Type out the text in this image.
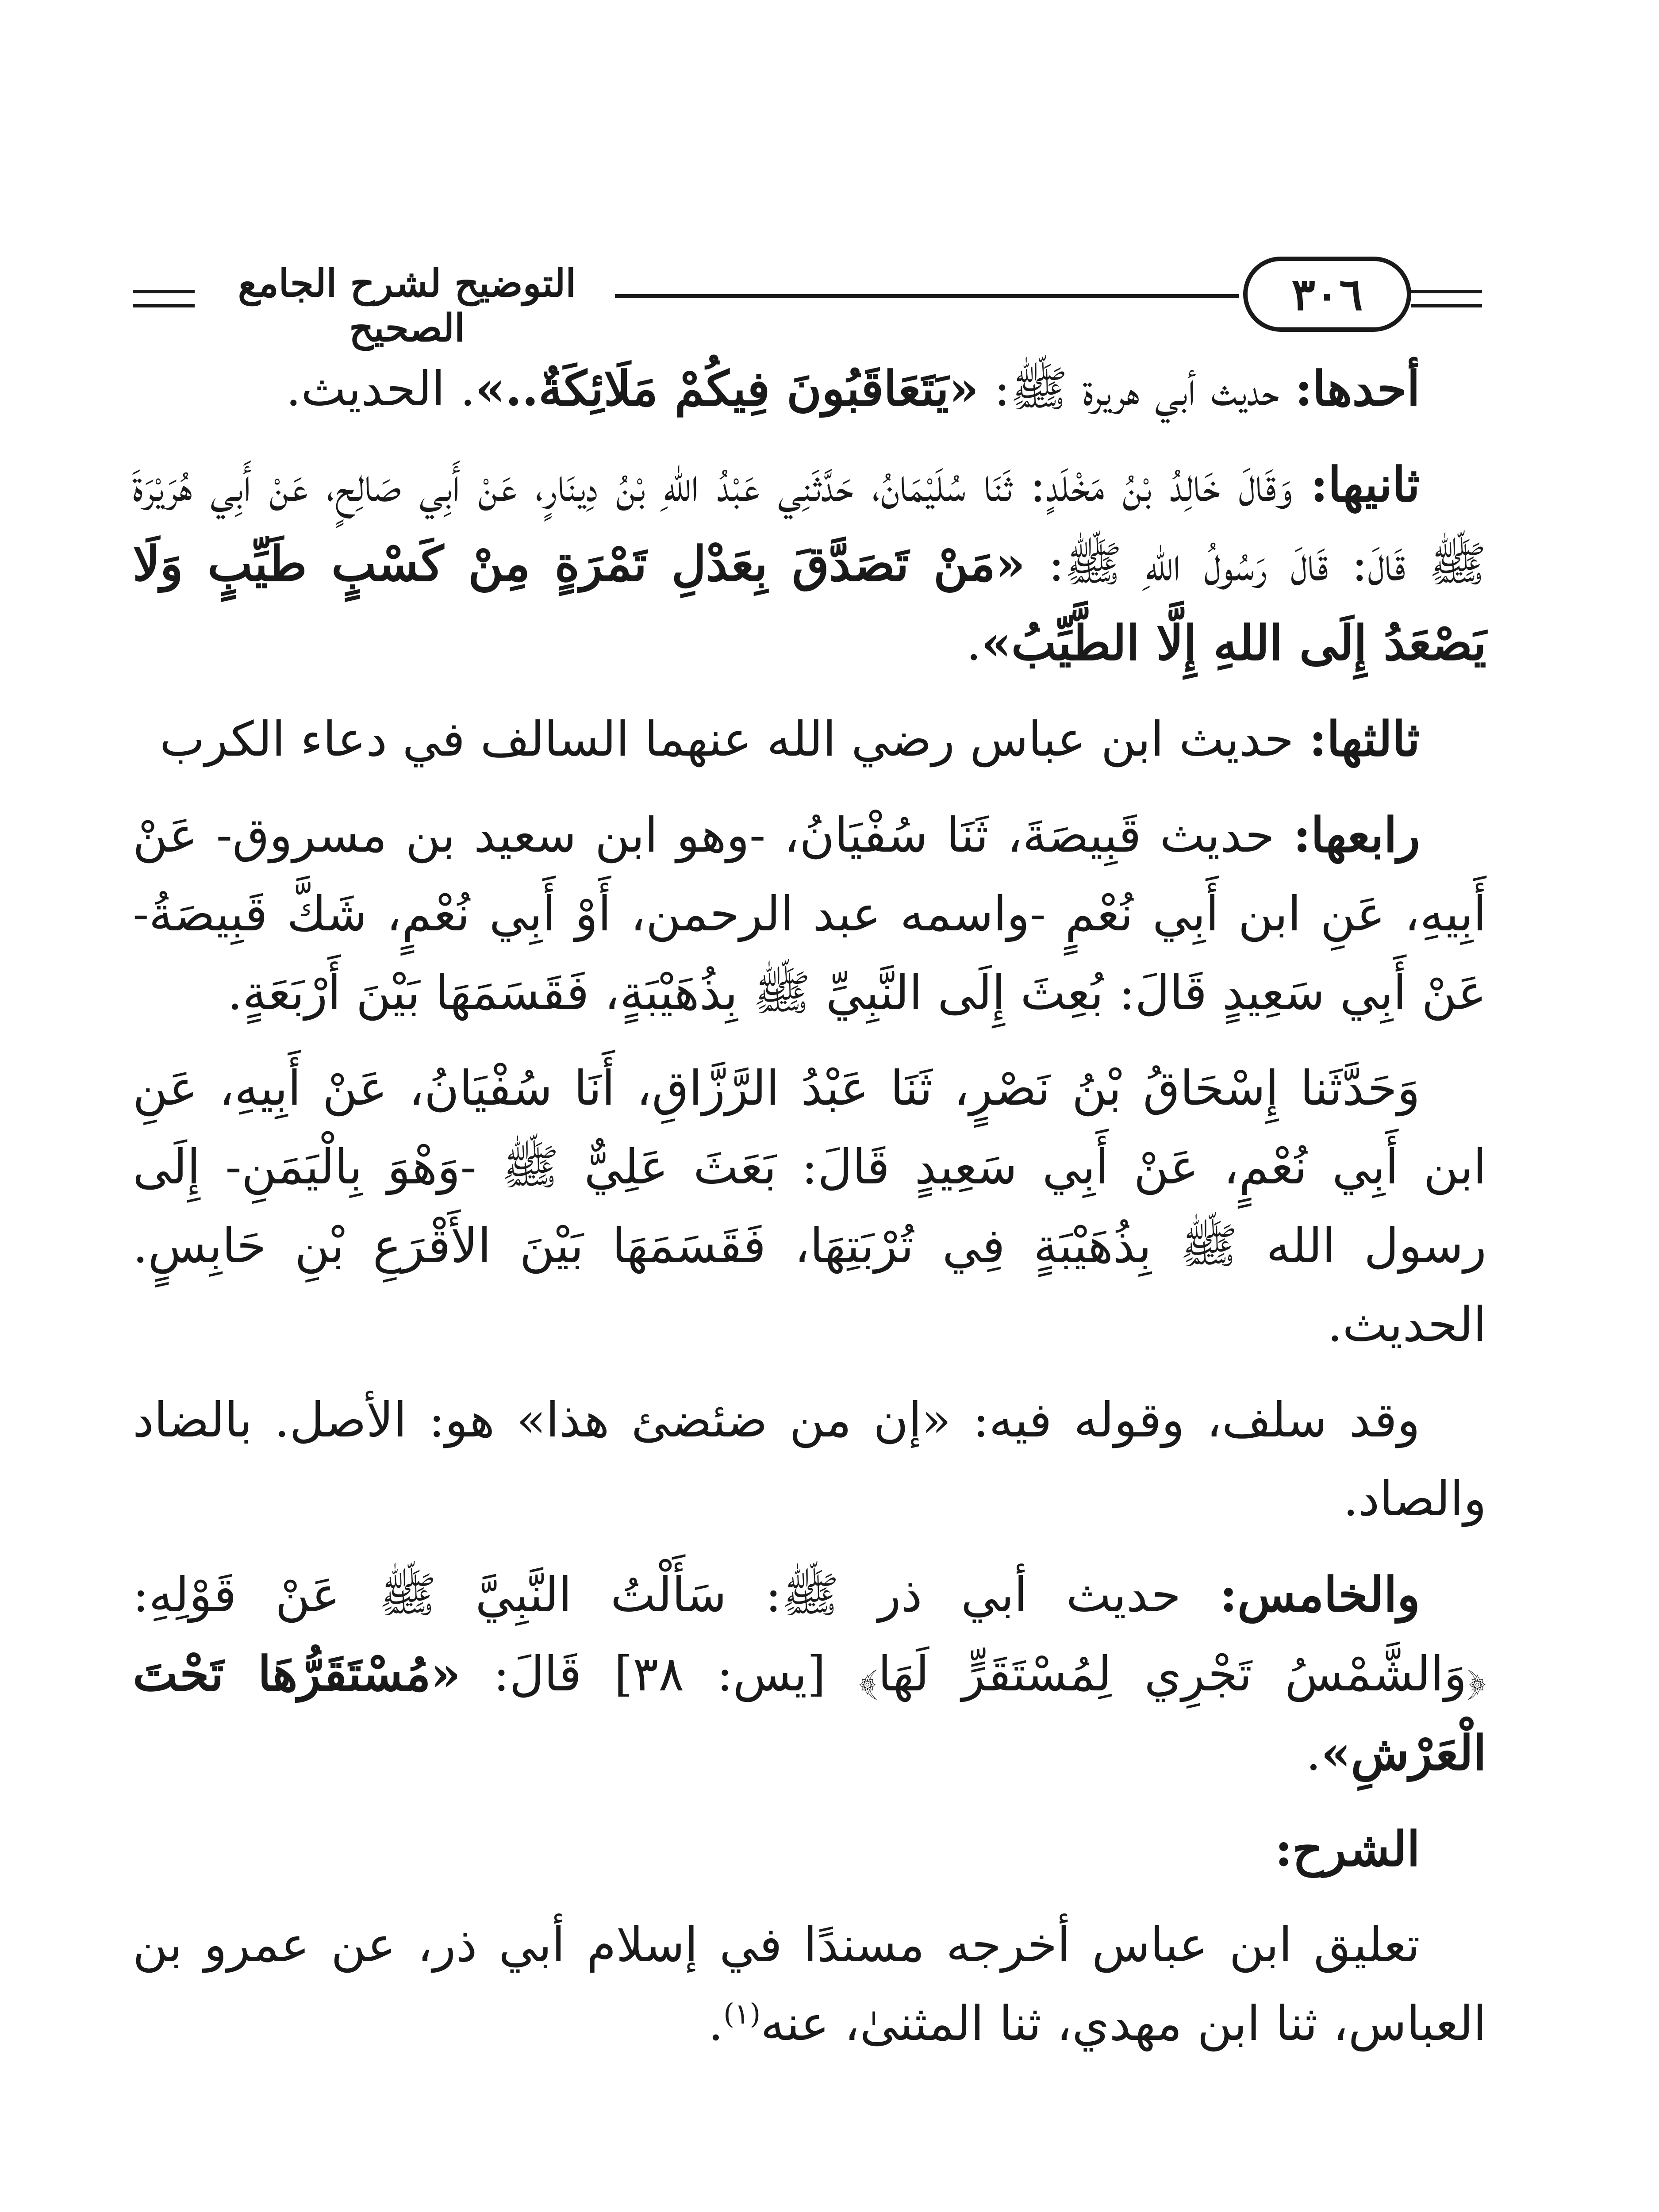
التوضيح لشرح الجامع الصحيح
٣٠٦

أحدها: حديث أبي هريرة ﷺ: «يَتَعَاقَبُونَ فِيكُمْ مَلَائِكَةٌ..». الحديث.

ثانيها: وَقَالَ خَالِدُ بْنُ مَخْلَدٍ: ثَنَا سُلَيْمَانُ، حَدَّثَنِي عَبْدُ اللهِ بْنُ دِينَارٍ، عَنْ أَبِي صَالِحٍ، عَنْ أَبِي هُرَيْرَةَ ﷺ قَالَ: قَالَ رَسُولُ اللهِ ﷺ: «مَنْ تَصَدَّقَ بِعَدْلِ تَمْرَةٍ مِنْ كَسْبٍ طَيِّبٍ وَلَا يَصْعَدُ إِلَى اللهِ إِلَّا الطَّيِّبُ».

ثالثها: حديث ابن عباس رضي الله عنهما السالف في دعاء الكرب

رابعها: حديث قَبِيصَةَ، ثَنَا سُفْيَانُ، -وهو ابن سعيد بن مسروق- عَنْ أَبِيهِ، عَنِ ابن أَبِي نُعْمٍ -واسمه عبد الرحمن، أَوْ أَبِي نُعْمٍ، شَكَّ قَبِيصَةُ- عَنْ أَبِي سَعِيدٍ قَالَ: بُعِثَ إِلَى النَّبِيِّ ﷺ بِذُهَيْبَةٍ، فَقَسَمَهَا بَيْنَ أَرْبَعَةٍ.

وَحَدَّثَنا إِسْحَاقُ بْنُ نَصْرٍ، ثَنَا عَبْدُ الرَّزَّاقِ، أَنَا سُفْيَانُ، عَنْ أَبِيهِ، عَنِ ابن أَبِي نُعْمٍ، عَنْ أَبِي سَعِيدٍ قَالَ: بَعَثَ عَلِيٌّ ﷺ -وَهْوَ بِالْيَمَنِ- إِلَى رسول الله ﷺ بِذُهَيْبَةٍ فِي تُرْبَتِهَا، فَقَسَمَهَا بَيْنَ الأَقْرَعِ بْنِ حَابِسٍ. الحديث.

وقد سلف، وقوله فيه: «إن من ضئضئ هذا» هو: الأصل. بالضاد والصاد.

والخامس: حديث أبي ذر ﷺ: سَأَلْتُ النَّبِيَّ ﷺ عَنْ قَوْلِهِ: ﴿وَالشَّمْسُ تَجْرِي لِمُسْتَقَرٍّ لَهَا﴾ [يس: ٣٨] قَالَ: «مُسْتَقَرُّهَا تَحْتَ الْعَرْشِ».

الشرح:

تعليق ابن عباس أخرجه مسندًا في إسلام أبي ذر، عن عمرو بن العباس، ثنا ابن مهدي، ثنا المثنىٰ، عنه$^{(١)}$.
